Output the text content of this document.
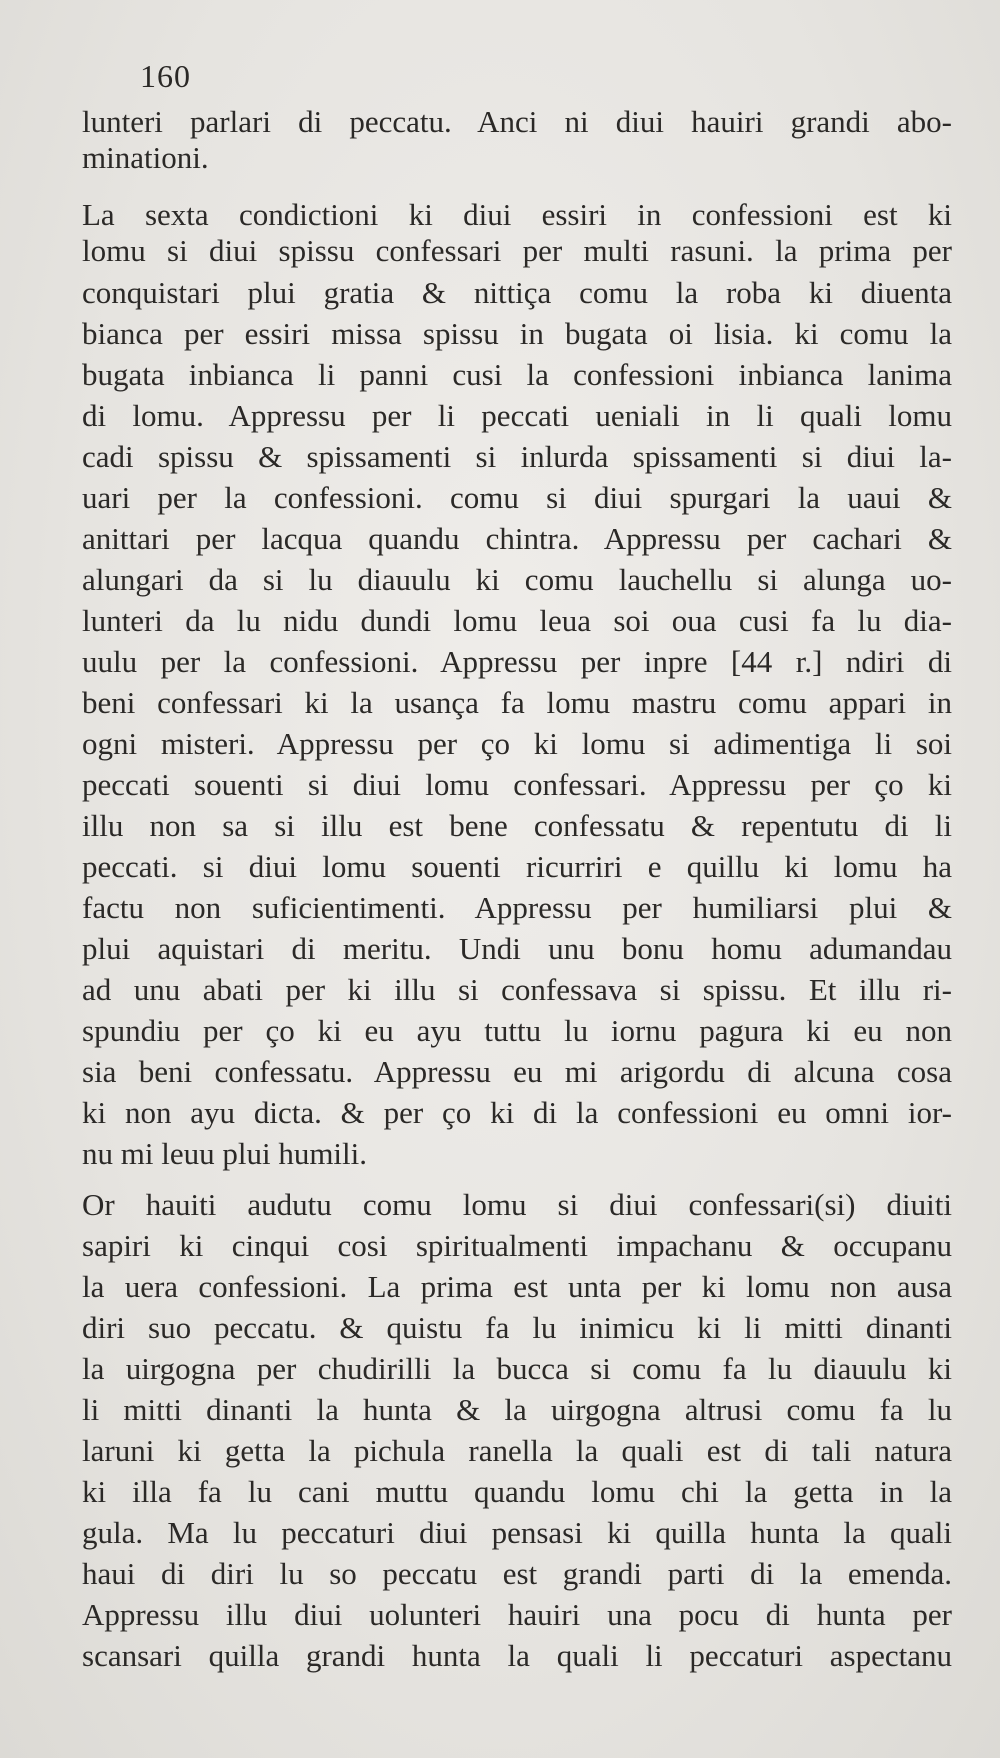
160
lunteri parlari di peccatu. Anci ni diui hauiri grandi abo-
minationi.
La sexta condictioni ki diui essiri in confessioni est ki
lomu si diui spissu confessari per multi rasuni. la prima per
conquistari plui gratia & nittiça comu la roba ki diuenta
bianca per essiri missa spissu in bugata oi lisia. ki comu la
bugata inbianca li panni cusi la confessioni inbianca lanima
di lomu. Appressu per li peccati ueniali in li quali lomu
cadi spissu & spissamenti si inlurda spissamenti si diui la-
uari per la confessioni. comu si diui spurgari la uaui &
anittari per lacqua quandu chintra. Appressu per cachari &
alungari da si lu diauulu ki comu lauchellu si alunga uo-
lunteri da lu nidu dundi lomu leua soi oua cusi fa lu dia-
uulu per la confessioni. Appressu per inpre [44 r.] ndiri di
beni confessari ki la usança fa lomu mastru comu appari in
ogni misteri. Appressu per ço ki lomu si adimentiga li soi
peccati souenti si diui lomu confessari. Appressu per ço ki
illu non sa si illu est bene confessatu & repentutu di li
peccati. si diui lomu souenti ricurriri e quillu ki lomu ha
factu non suficientimenti. Appressu per humiliarsi plui &
plui aquistari di meritu. Undi unu bonu homu adumandau
ad unu abati per ki illu si confessava si spissu. Et illu ri-
spundiu per ço ki eu ayu tuttu lu iornu pagura ki eu non
sia beni confessatu. Appressu eu mi arigordu di alcuna cosa
ki non ayu dicta. & per ço ki di la confessioni eu omni ior-
nu mi leuu plui humili.
Or hauiti audutu comu lomu si diui confessari(si) diuiti
sapiri ki cinqui cosi spiritualmenti impachanu & occupanu
la uera confessioni. La prima est unta per ki lomu non ausa
diri suo peccatu. & quistu fa lu inimicu ki li mitti dinanti
la uirgogna per chudirilli la bucca si comu fa lu diauulu ki
li mitti dinanti la hunta & la uirgogna altrusi comu fa lu
laruni ki getta la pichula ranella la quali est di tali natura
ki illa fa lu cani muttu quandu lomu chi la getta in la
gula. Ma lu peccaturi diui pensasi ki quilla hunta la quali
haui di diri lu so peccatu est grandi parti di la emenda.
Appressu illu diui uolunteri hauiri una pocu di hunta per
scansari quilla grandi hunta la quali li peccaturi aspectanu
